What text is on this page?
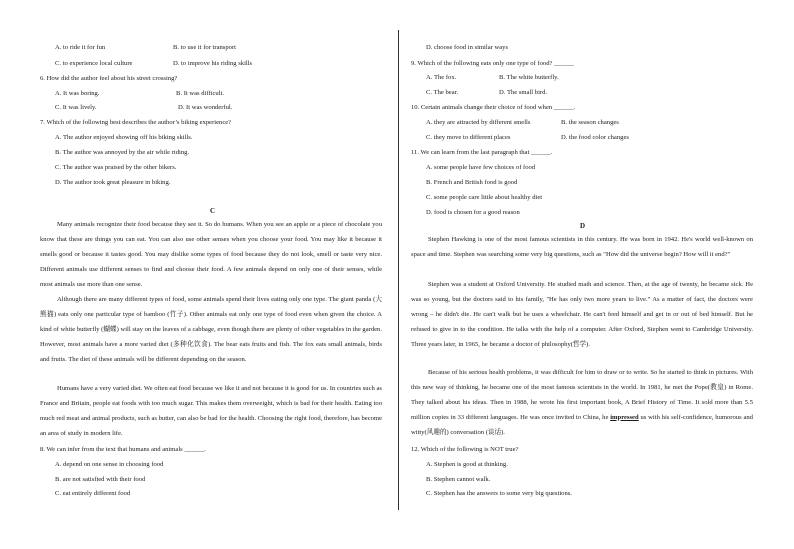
A. to ride it for fun	B. to use it for transport
C. to experience local culture	D. to improve his riding skills
6. How did the author feel about his street crossing?
A. It was boring.	B. It was difficult.
C. It was lively.	D. It was wonderful.
7. Which of the following best describes the author’s biking experience?
A. The author enjoyed showing off his biking skills.
B. The author was annoyed by the air while riding.
C. The author was praised by the other bikers.
D. The author took great pleasure in biking.
C
Many animals recognize their food because they see it. So do humans. When you see an apple or a piece of chocolate you know that these are things you can eat. You can also use other senses when you choose your food. You may like it because it smells good or because it tastes good. You may dislike some types of food because they do not look, smell or taste very nice. Different animals use different senses to find and choose their food. A few animals depend on only one of their senses, while most animals use more than one sense.
Although there are many different types of food, some animals spend their lives eating only one type. The giant panda (大熊猫) eats only one particular type of bamboo (竹子). Other animals eat only one type of food even when given the choice. A kind of white butterfly (蝴蝶) will stay on the leaves of a cabbage, even though there are plenty of other vegetables in the garden. However, most animals have a more varied diet (多种化饮食). The bear eats fruits and fish. The fox eats small animals, birds and fruits. The diet of these animals will be different depending on the season.
Humans have a very varied diet. We often eat food because we like it and not because it is good for us. In countries such as France and Britain, people eat foods with too much sugar. This makes them overweight, which is bad for their health. Eating too much red meat and animal products, such as butter, can also be bad for the health. Choosing the right food, therefore, has become an area of study in modern life.
8. We can infer from the text that humans and animals ______.
A. depend on one sense in choosing food
B. are not satisfied with their food
C. eat entirely different food
D. choose food in similar ways
9. Which of the following eats only one type of food? ______
A. The fox.	B. The white butterfly.
C. The bear.	D. The small bird.
10. Certain animals change their choice of food when ______.
A. they are attracted by different smells	B. the season changes
C. they move to different places	D. the food color changes
11. We can learn from the last paragraph that ______.
A. some people have few choices of food
B. French and British food is good
C. some people care little about healthy diet
D. food is chosen for a good reason
D
Stephen Hawking is one of the most famous scientists in this century. He was born in 1942. He's world well-known on space and time. Stephen was searching some very big questions, such as "How did the universe begin? How will it end?"
Stephen was a student at Oxford University. He studied math and science. Then, at the age of twenty, he became sick. He was so young, but the doctors said to his family, "He has only two more years to live." As a matter of fact, the doctors were wrong – he didn't die. He can't walk but he uses a wheelchair. He can't feed himself and get in or out of bed himself. But he refused to give in to the condition. He talks with the help of a computer. After Oxford, Stephen went to Cambridge University. Three years later, in 1965, he became a doctor of philosophy(哲学).
Because of his serious health problems, it was difficult for him to draw or to write. So he started to think in pictures. With this new way of thinking, he became one of the most famous scientists in the world. In 1981, he met the Pope(教皇) in Rome. They talked about his ideas. Then in 1988, he wrote his first important book, A Brief History of Time. It sold more than 5.5 million copies in 33 different languages. He was once invited to China, he impressed us with his self-confidence, humorous and witty(风趣的) conversation (谈话).
12. Which of the following is NOT true?
A. Stephen is good at thinking.
B. Stephen cannot walk.
C. Stephen has the answers to some very big questions.
